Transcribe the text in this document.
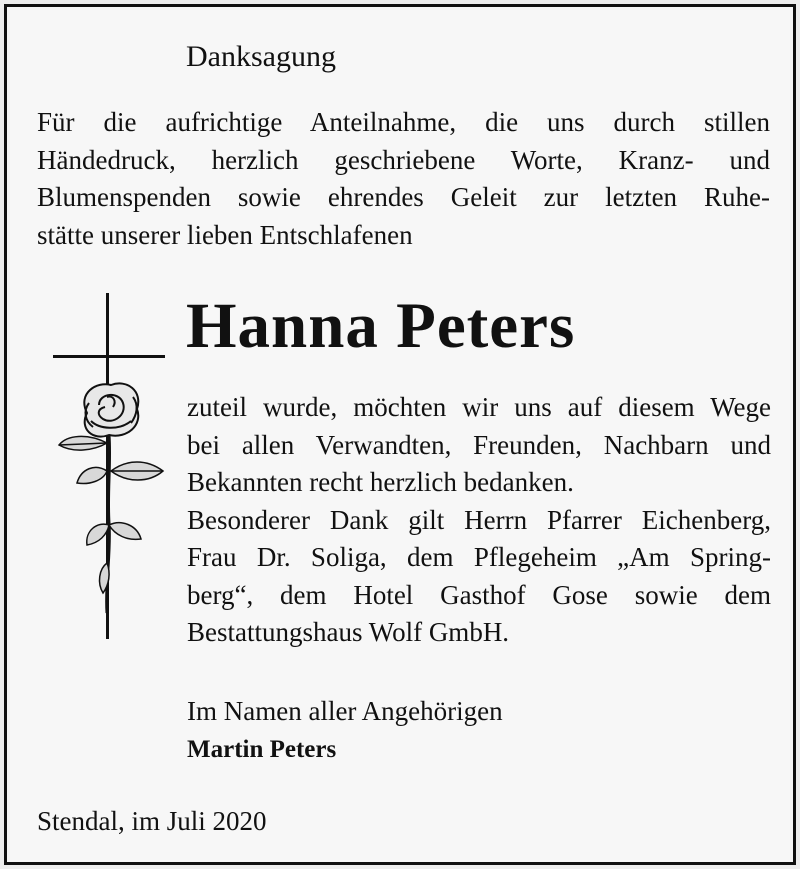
Danksagung
Für die aufrichtige Anteilnahme, die uns durch stillen
Händedruck, herzlich geschriebene Worte, Kranz- und
Blumenspenden sowie ehrendes Geleit zur letzten Ruhe-
stätte unserer lieben Entschlafenen
Hanna Peters
zuteil wurde, möchten wir uns auf diesem Wege
bei allen Verwandten, Freunden, Nachbarn und
Bekannten recht herzlich bedanken.
Besonderer Dank gilt Herrn Pfarrer Eichenberg,
Frau Dr. Soliga, dem Pflegeheim „Am Spring-
berg“, dem Hotel Gasthof Gose sowie dem
Bestattungshaus Wolf GmbH.

Im Namen aller Angehörigen

Martin Peters

Stendal, im Juli 2020
